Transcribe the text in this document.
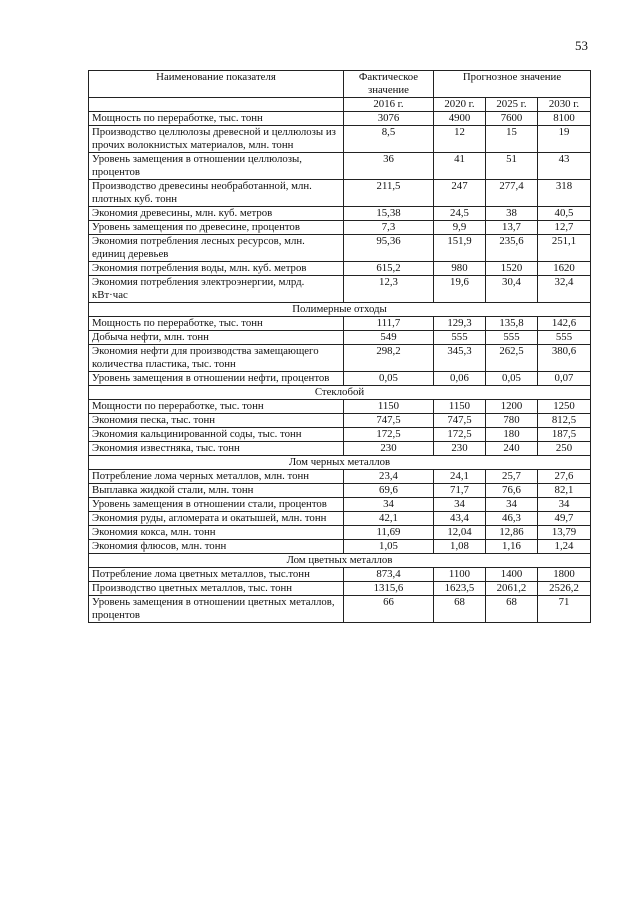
53
Наименование показателя	Фактическое значение	Прогнозное значение		

	2016 г.	2020 г.	2025 г.	2030 г.
Мощность по переработке, тыс. тонн	3076	4900	7600	8100
Производство целлюлозы древесной и целлюлозы из прочих волокнистых материалов, млн. тонн	8,5	12	15	19
Уровень замещения в отношении целлюлозы, процентов	36	41	51	43
Производство древесины необработанной, млн. плотных куб. тонн	211,5	247	277,4	318
Экономия древесины, млн. куб. метров	15,38	24,5	38	40,5
Уровень замещения по древесине, процентов	7,3	9,9	13,7	12,7
Экономия потребления лесных ресурсов, млн. единиц деревьев	95,36	151,9	235,6	251,1
Экономия потребления воды, млн. куб. метров	615,2	980	1520	1620
Экономия потребления электроэнергии, млрд. кВт·час	12,3	19,6	30,4	32,4
Полимерные отходы				
Мощность по переработке, тыс. тонн	111,7	129,3	135,8	142,6
Добыча нефти, млн. тонн	549	555	555	555
Экономия нефти для производства замещающего количества пластика, тыс. тонн	298,2	345,3	262,5	380,6
Уровень замещения в отношении нефти, процентов	0,05	0,06	0,05	0,07
Стеклобой				
Мощности по переработке, тыс. тонн	1150	1150	1200	1250
Экономия песка, тыс. тонн	747,5	747,5	780	812,5
Экономия кальцинированной соды, тыс. тонн	172,5	172,5	180	187,5
Экономия известняка, тыс. тонн	230	230	240	250
Лом черных металлов				
Потребление лома черных металлов, млн. тонн	23,4	24,1	25,7	27,6
Выплавка жидкой стали, млн. тонн	69,6	71,7	76,6	82,1
Уровень замещения в отношении стали, процентов	34	34	34	34
Экономия руды, агломерата и окатышей, млн. тонн	42,1	43,4	46,3	49,7
Экономия кокса, млн. тонн	11,69	12,04	12,86	13,79
Экономия флюсов, млн. тонн	1,05	1,08	1,16	1,24
Лом цветных металлов				
Потребление лома цветных металлов, тыс.тонн	873,4	1100	1400	1800
Производство цветных металлов, тыс. тонн	1315,6	1623,5	2061,2	2526,2
Уровень замещения в отношении цветных металлов, процентов	66	68	68	71
